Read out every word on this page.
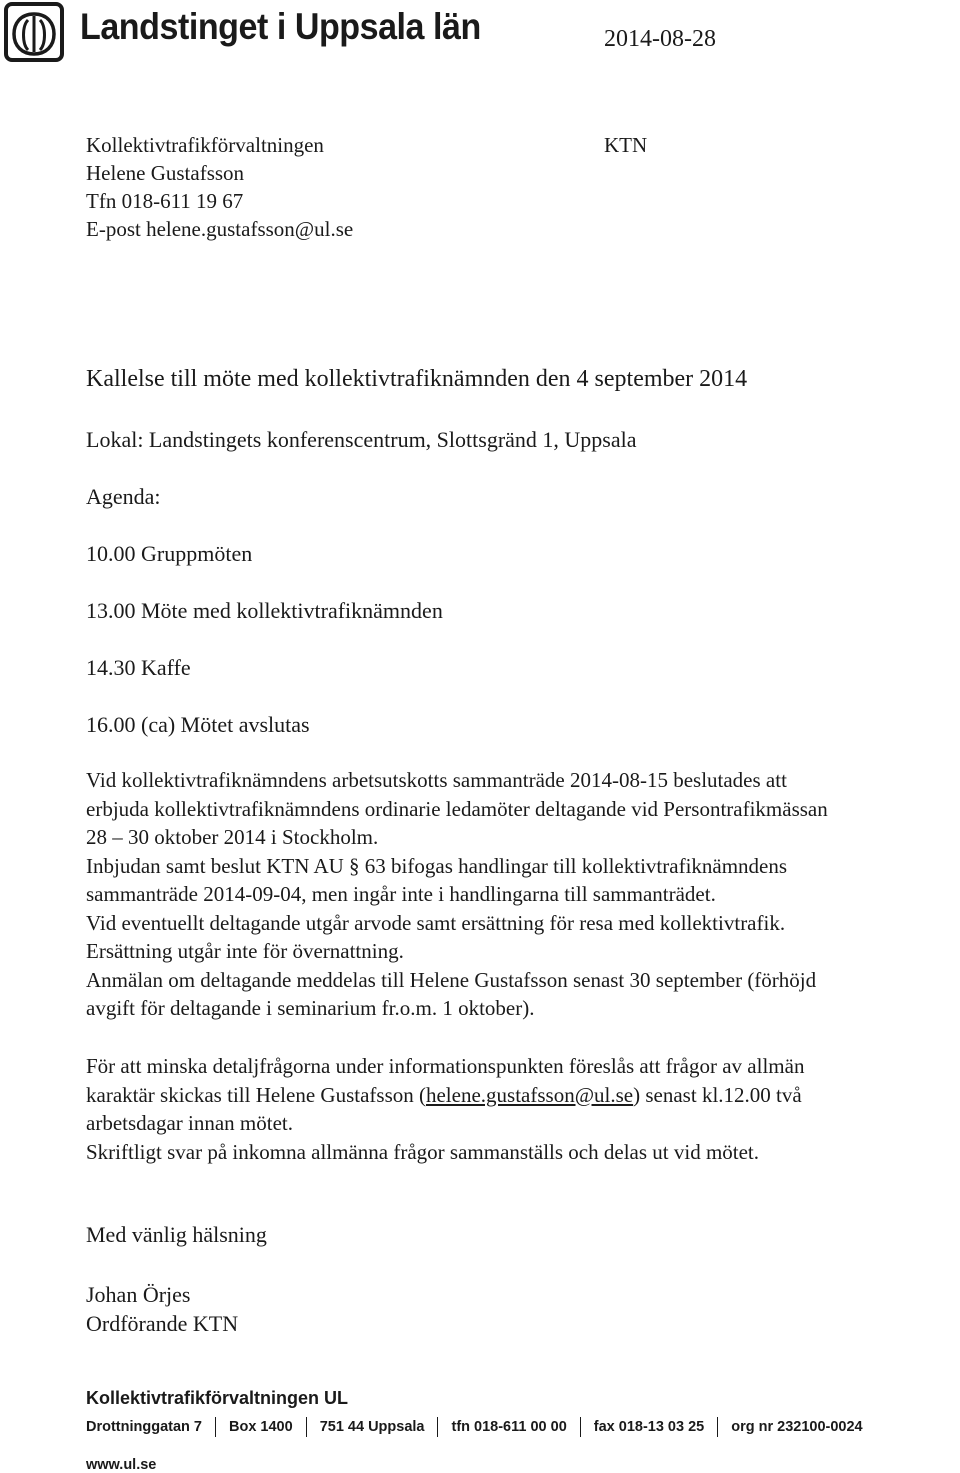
Landstinget i Uppsala län	2014-08-28
Kollektivtrafikförvaltningen
Helene Gustafsson
Tfn 018-611 19 67
E-post helene.gustafsson@ul.se
KTN
Kallelse till möte med kollektivtrafiknämnden den 4 september 2014
Lokal: Landstingets konferenscentrum, Slottsgränd 1, Uppsala
Agenda:
10.00 Gruppmöten
13.00 Möte med kollektivtrafiknämnden
14.30 Kaffe
16.00 (ca) Mötet avslutas
Vid kollektivtrafiknämndens arbetsutskotts sammanträde 2014-08-15 beslutades att
erbjuda kollektivtrafiknämndens ordinarie ledamöter deltagande vid Persontrafikmässan
28 – 30 oktober 2014 i Stockholm.
Inbjudan samt beslut KTN AU § 63 bifogas handlingar till kollektivtrafiknämndens
sammanträde 2014-09-04, men ingår inte i handlingarna till sammanträdet.
Vid eventuellt deltagande utgår arvode samt ersättning för resa med kollektivtrafik.
Ersättning utgår inte för övernattning.
Anmälan om deltagande meddelas till Helene Gustafsson senast 30 september (förhöjd
avgift för deltagande i seminarium fr.o.m. 1 oktober).
För att minska detaljfrågorna under informationspunkten föreslås att frågor av allmän
karaktär skickas till Helene Gustafsson (helene.gustafsson@ul.se) senast kl.12.00 två
arbetsdagar innan mötet.
Skriftligt svar på inkomna allmänna frågor sammanställs och delas ut vid mötet.
Med vänlig hälsning
Johan Örjes
Ordförande KTN
Kollektivtrafikförvaltningen UL
Drottninggatan 7 Box 1400 751 44 Uppsala tfn 018-611 00 00 fax 018-13 03 25 org nr 232100-0024
www.ul.se
